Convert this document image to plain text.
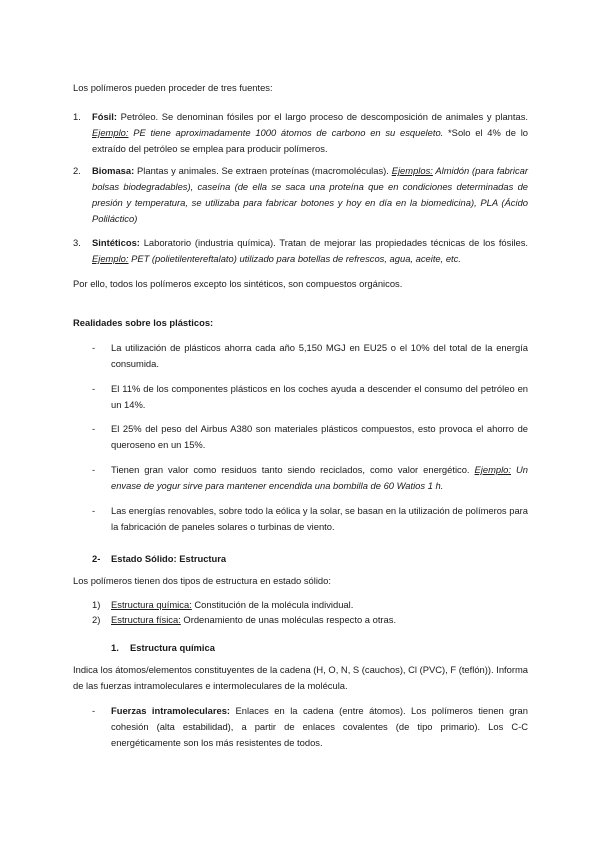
Los polímeros pueden proceder de tres fuentes:

1. Fósil: Petróleo. Se denominan fósiles por el largo proceso de descomposición de animales y plantas. Ejemplo: PE tiene aproximadamente 1000 átomos de carbono en su esqueleto. *Solo el 4% de lo extraído del petróleo se emplea para producir polímeros.

2. Biomasa: Plantas y animales. Se extraen proteínas (macromoléculas). Ejemplos: Almidón (para fabricar bolsas biodegradables), caseína (de ella se saca una proteína que en condiciones determinadas de presión y temperatura, se utilizaba para fabricar botones y hoy en día en la biomedicina), PLA (Ácido Poliláctico)

3. Sintéticos: Laboratorio (industria química). Tratan de mejorar las propiedades técnicas de los fósiles. Ejemplo: PET (polietilentereftalato) utilizado para botellas de refrescos, agua, aceite, etc.

Por ello, todos los polímeros excepto los sintéticos, son compuestos orgánicos.

Realidades sobre los plásticos:

- La utilización de plásticos ahorra cada año 5,150 MGJ en EU25 o el 10% del total de la energía consumida.

- El 11% de los componentes plásticos en los coches ayuda a descender el consumo del petróleo en un 14%.

- El 25% del peso del Airbus A380 son materiales plásticos compuestos, esto provoca el ahorro de queroseno en un 15%.

- Tienen gran valor como residuos tanto siendo reciclados, como valor energético. Ejemplo: Un envase de yogur sirve para mantener encendida una bombilla de 60 Watios 1 h.

- Las energías renovables, sobre todo la eólica y la solar, se basan en la utilización de polímeros para la fabricación de paneles solares o turbinas de viento.

2- Estado Sólido: Estructura

Los polímeros tienen dos tipos de estructura en estado sólido:

1) Estructura química: Constitución de la molécula individual.

2) Estructura física: Ordenamiento de unas moléculas respecto a otras.

1. Estructura química

Indica los átomos/elementos constituyentes de la cadena (H, O, N, S (cauchos), Cl (PVC), F (teflón)). Informa de las fuerzas intramoleculares e intermoleculares de la molécula.

- Fuerzas intramoleculares: Enlaces en la cadena (entre átomos). Los polímeros tienen gran cohesión (alta estabilidad), a partir de enlaces covalentes (de tipo primario). Los C-C energéticamente son los más resistentes de todos.
